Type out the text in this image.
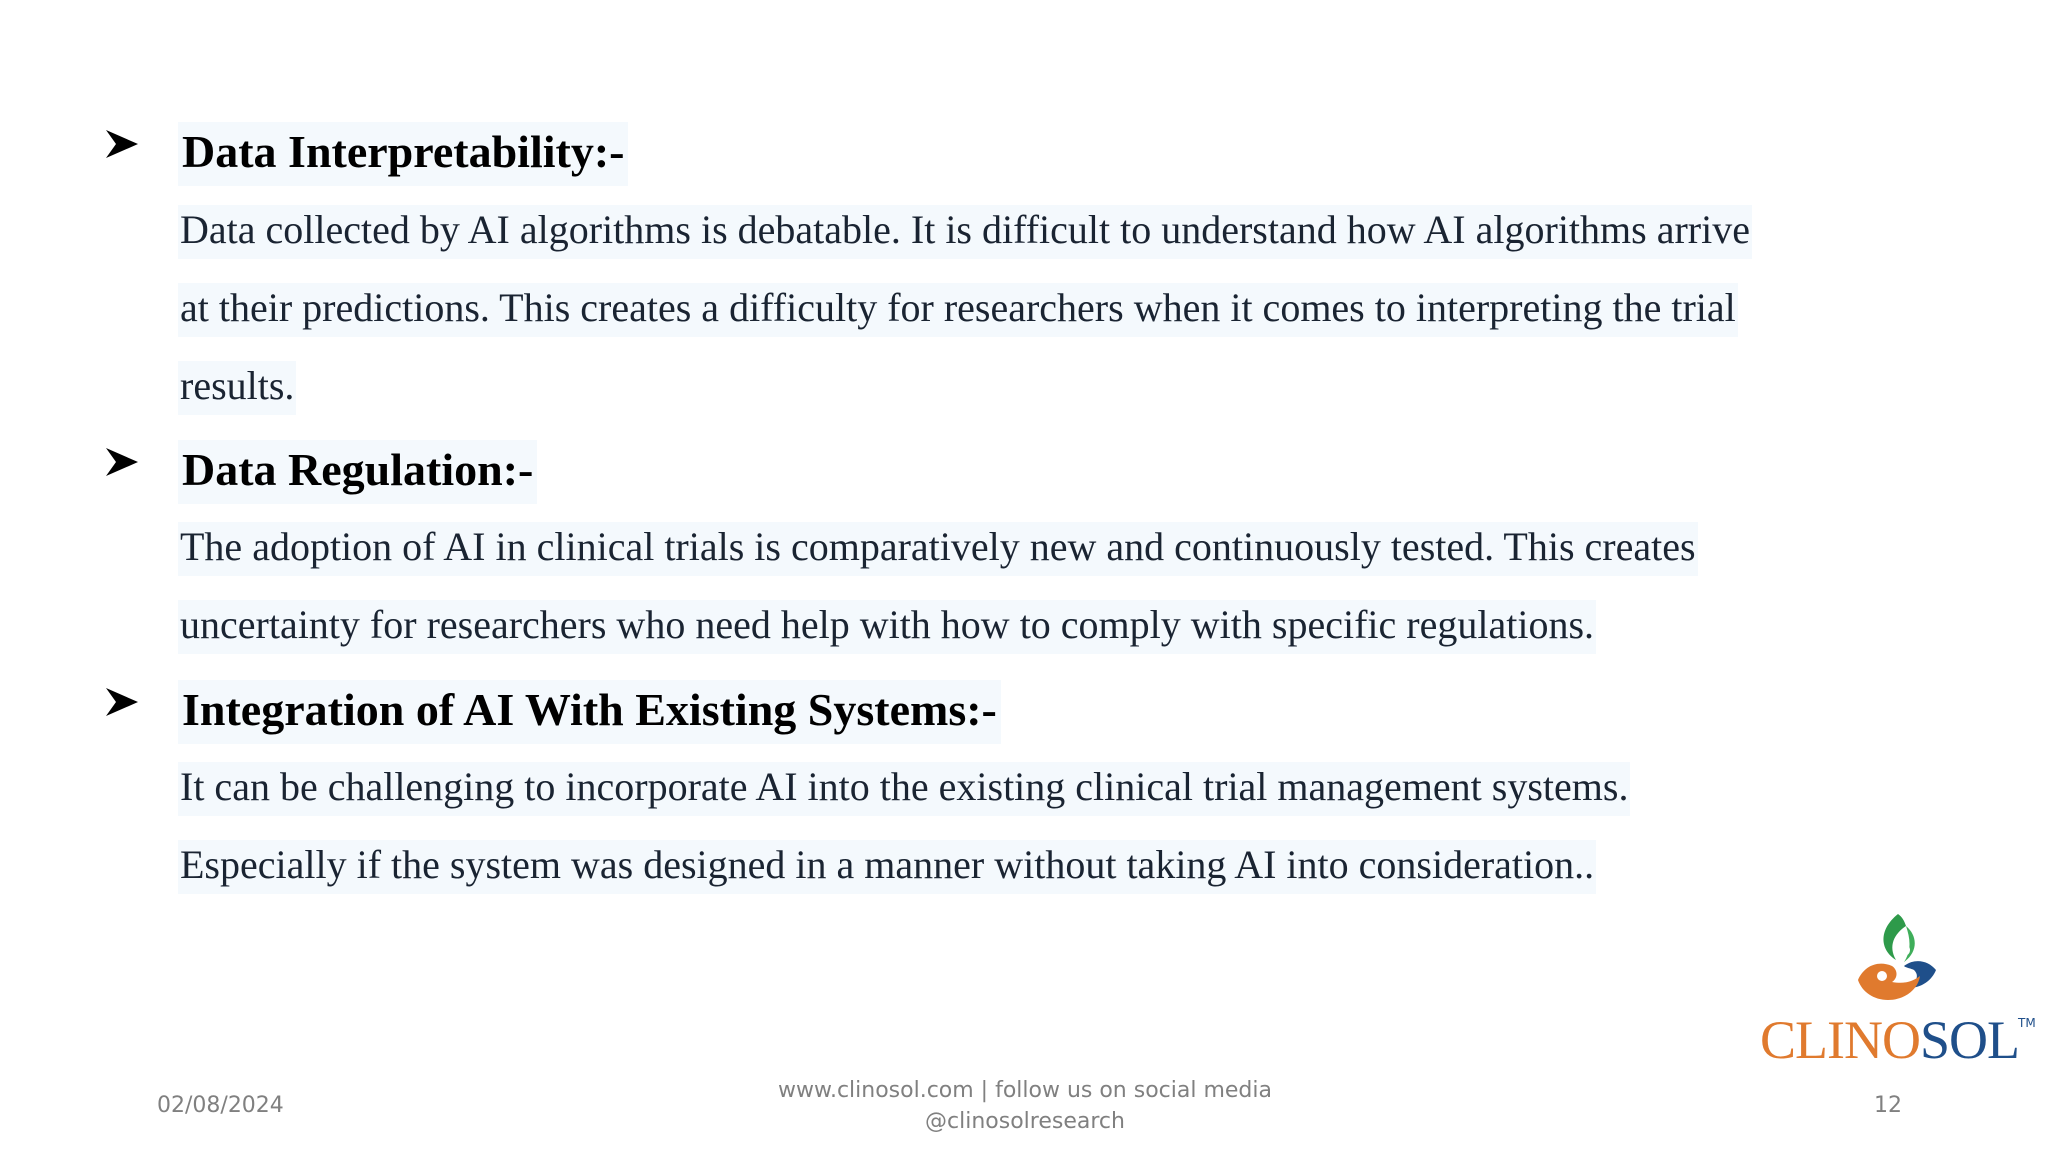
Data Interpretability:-
Data collected by AI algorithms is debatable. It is difficult to understand how AI algorithms arrive
at their predictions. This creates a difficulty for researchers when it comes to interpreting the trial
results.
Data Regulation:-
The adoption of AI in clinical trials is comparatively new and continuously tested. This creates
uncertainty for researchers who need help with how to comply with specific regulations.
Integration of AI With Existing Systems:-
It can be challenging to incorporate AI into the existing clinical trial management systems.
Especially if the system was designed in a manner without taking AI into consideration..
CLINOSOL TM
02/08/2024
www.clinosol.com | follow us on social media
@clinosolresearch
12
